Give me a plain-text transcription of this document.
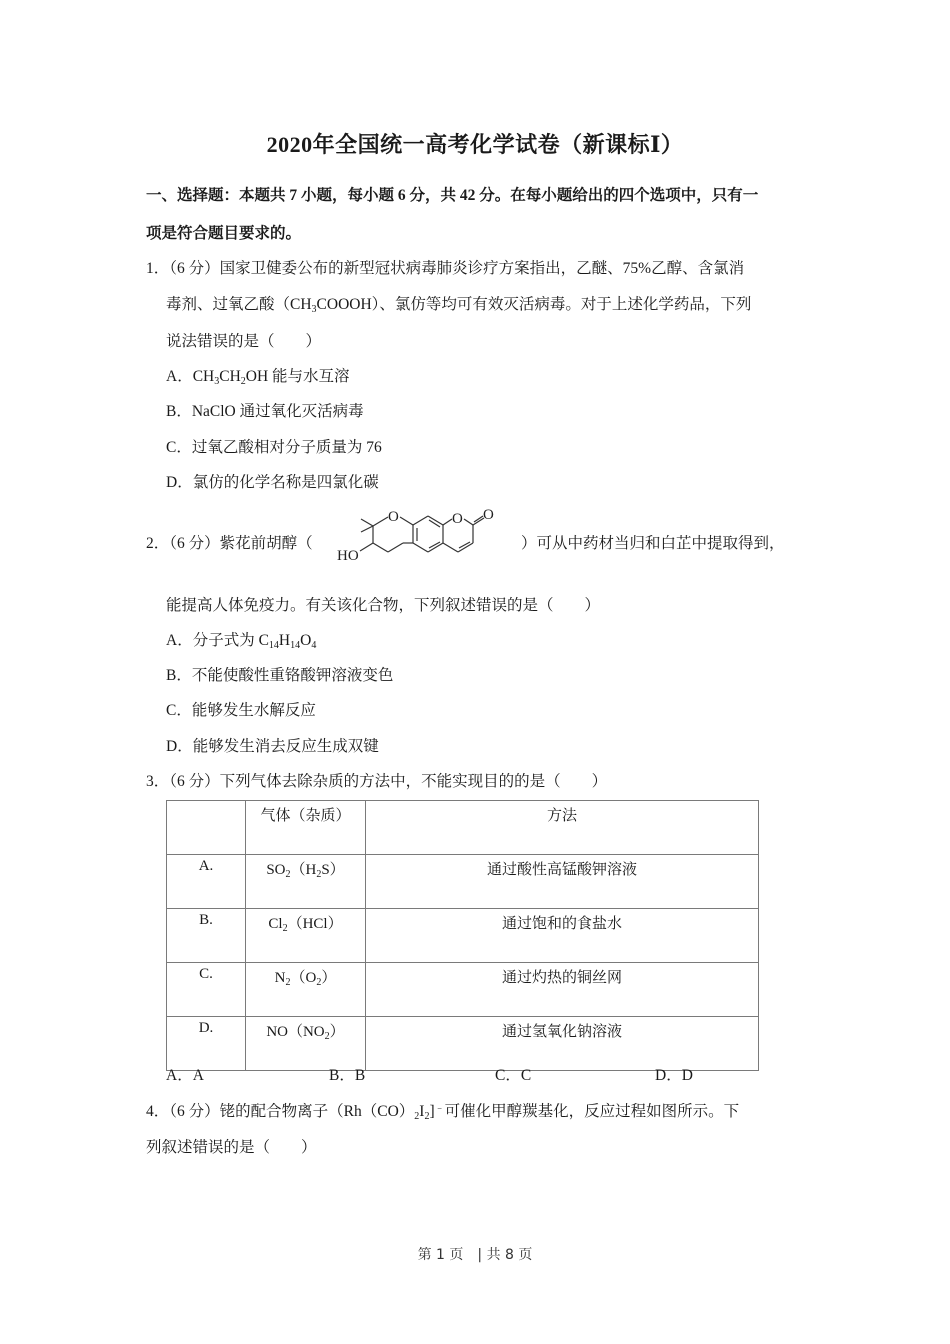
2020年全国统一高考化学试卷（新课标Ⅰ）
一、选择题：本题共 7 小题，每小题 6 分，共 42 分。在每小题给出的四个选项中，只有一
项是符合题目要求的。
1．（6 分）国家卫健委公布的新型冠状病毒肺炎诊疗方案指出，乙醚、75%乙醇、含氯消
毒剂、过氧乙酸$(CH_3COOOH)$、氯仿等均可有效灭活病毒。对于上述化学药品，下列
说法错误的是（　　）
A．$CH_3CH_2OH$ 能与水互溶
B．NaClO 通过氧化灭活病毒
C．过氧乙酸相对分子质量为 76
D．氯仿的化学名称是四氯化碳
2．（6 分）紫花前胡醇（
O	O O
HO
）可从中药材当归和白芷中提取得到，
能提高人体免疫力。有关该化合物，下列叙述错误的是（　　）
A．分子式为 $C_{14}H_{14}O_4$
B．不能使酸性重铬酸钾溶液变色
C．能够发生水解反应
D．能够发生消去反应生成双键
3．（6 分）下列气体去除杂质的方法中，不能实现目的的是（　　）
	气体（杂质）	方法
A.	$SO_2(H_2S)$	通过酸性高锰酸钾溶液
B.	$Cl_2(HCl)$	通过饱和的食盐水
C.	$N_2(O_2)$	通过灼热的铜丝网
D.	$NO(NO_2)$	通过氢氧化钠溶液
A．A	B．B	C．C	D．D
4．（6 分）铑的配合物离子$(Rh(CO)_2I_2]^﹣$可催化甲醇羰基化，反应过程如图所示。下
列叙述错误的是（　　）
第 1 页　| 共 8 页
